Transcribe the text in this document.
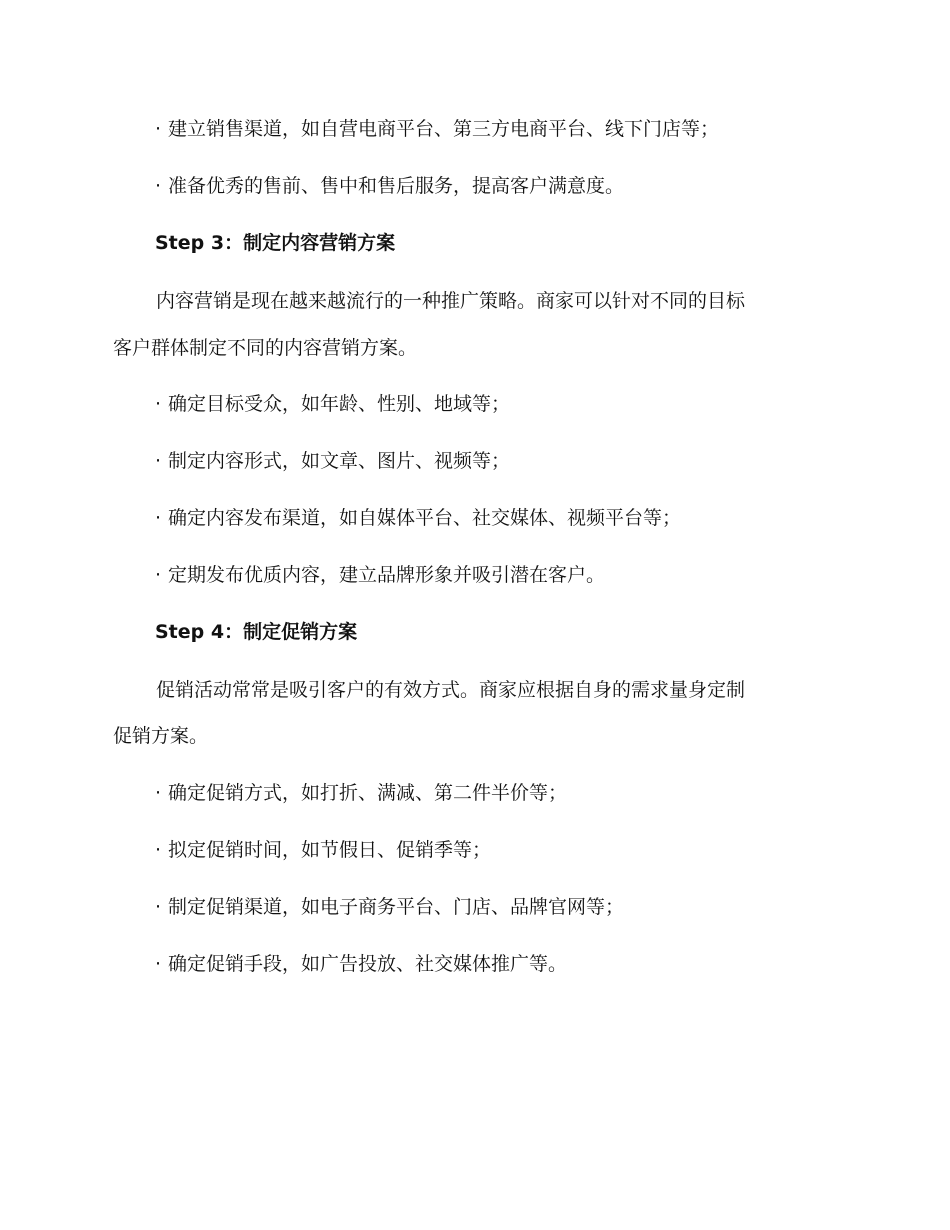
· 建立销售渠道，如自营电商平台、第三方电商平台、线下门店等；
· 准备优秀的售前、售中和售后服务，提高客户满意度。
Step 3：制定内容营销方案
内容营销是现在越来越流行的一种推广策略。商家可以针对不同的目标
客户群体制定不同的内容营销方案。
· 确定目标受众，如年龄、性别、地域等；
· 制定内容形式，如文章、图片、视频等；
· 确定内容发布渠道，如自媒体平台、社交媒体、视频平台等；
· 定期发布优质内容，建立品牌形象并吸引潜在客户。
Step 4：制定促销方案
促销活动常常是吸引客户的有效方式。商家应根据自身的需求量身定制
促销方案。
· 确定促销方式，如打折、满减、第二件半价等；
· 拟定促销时间，如节假日、促销季等；
· 制定促销渠道，如电子商务平台、门店、品牌官网等；
· 确定促销手段，如广告投放、社交媒体推广等。
